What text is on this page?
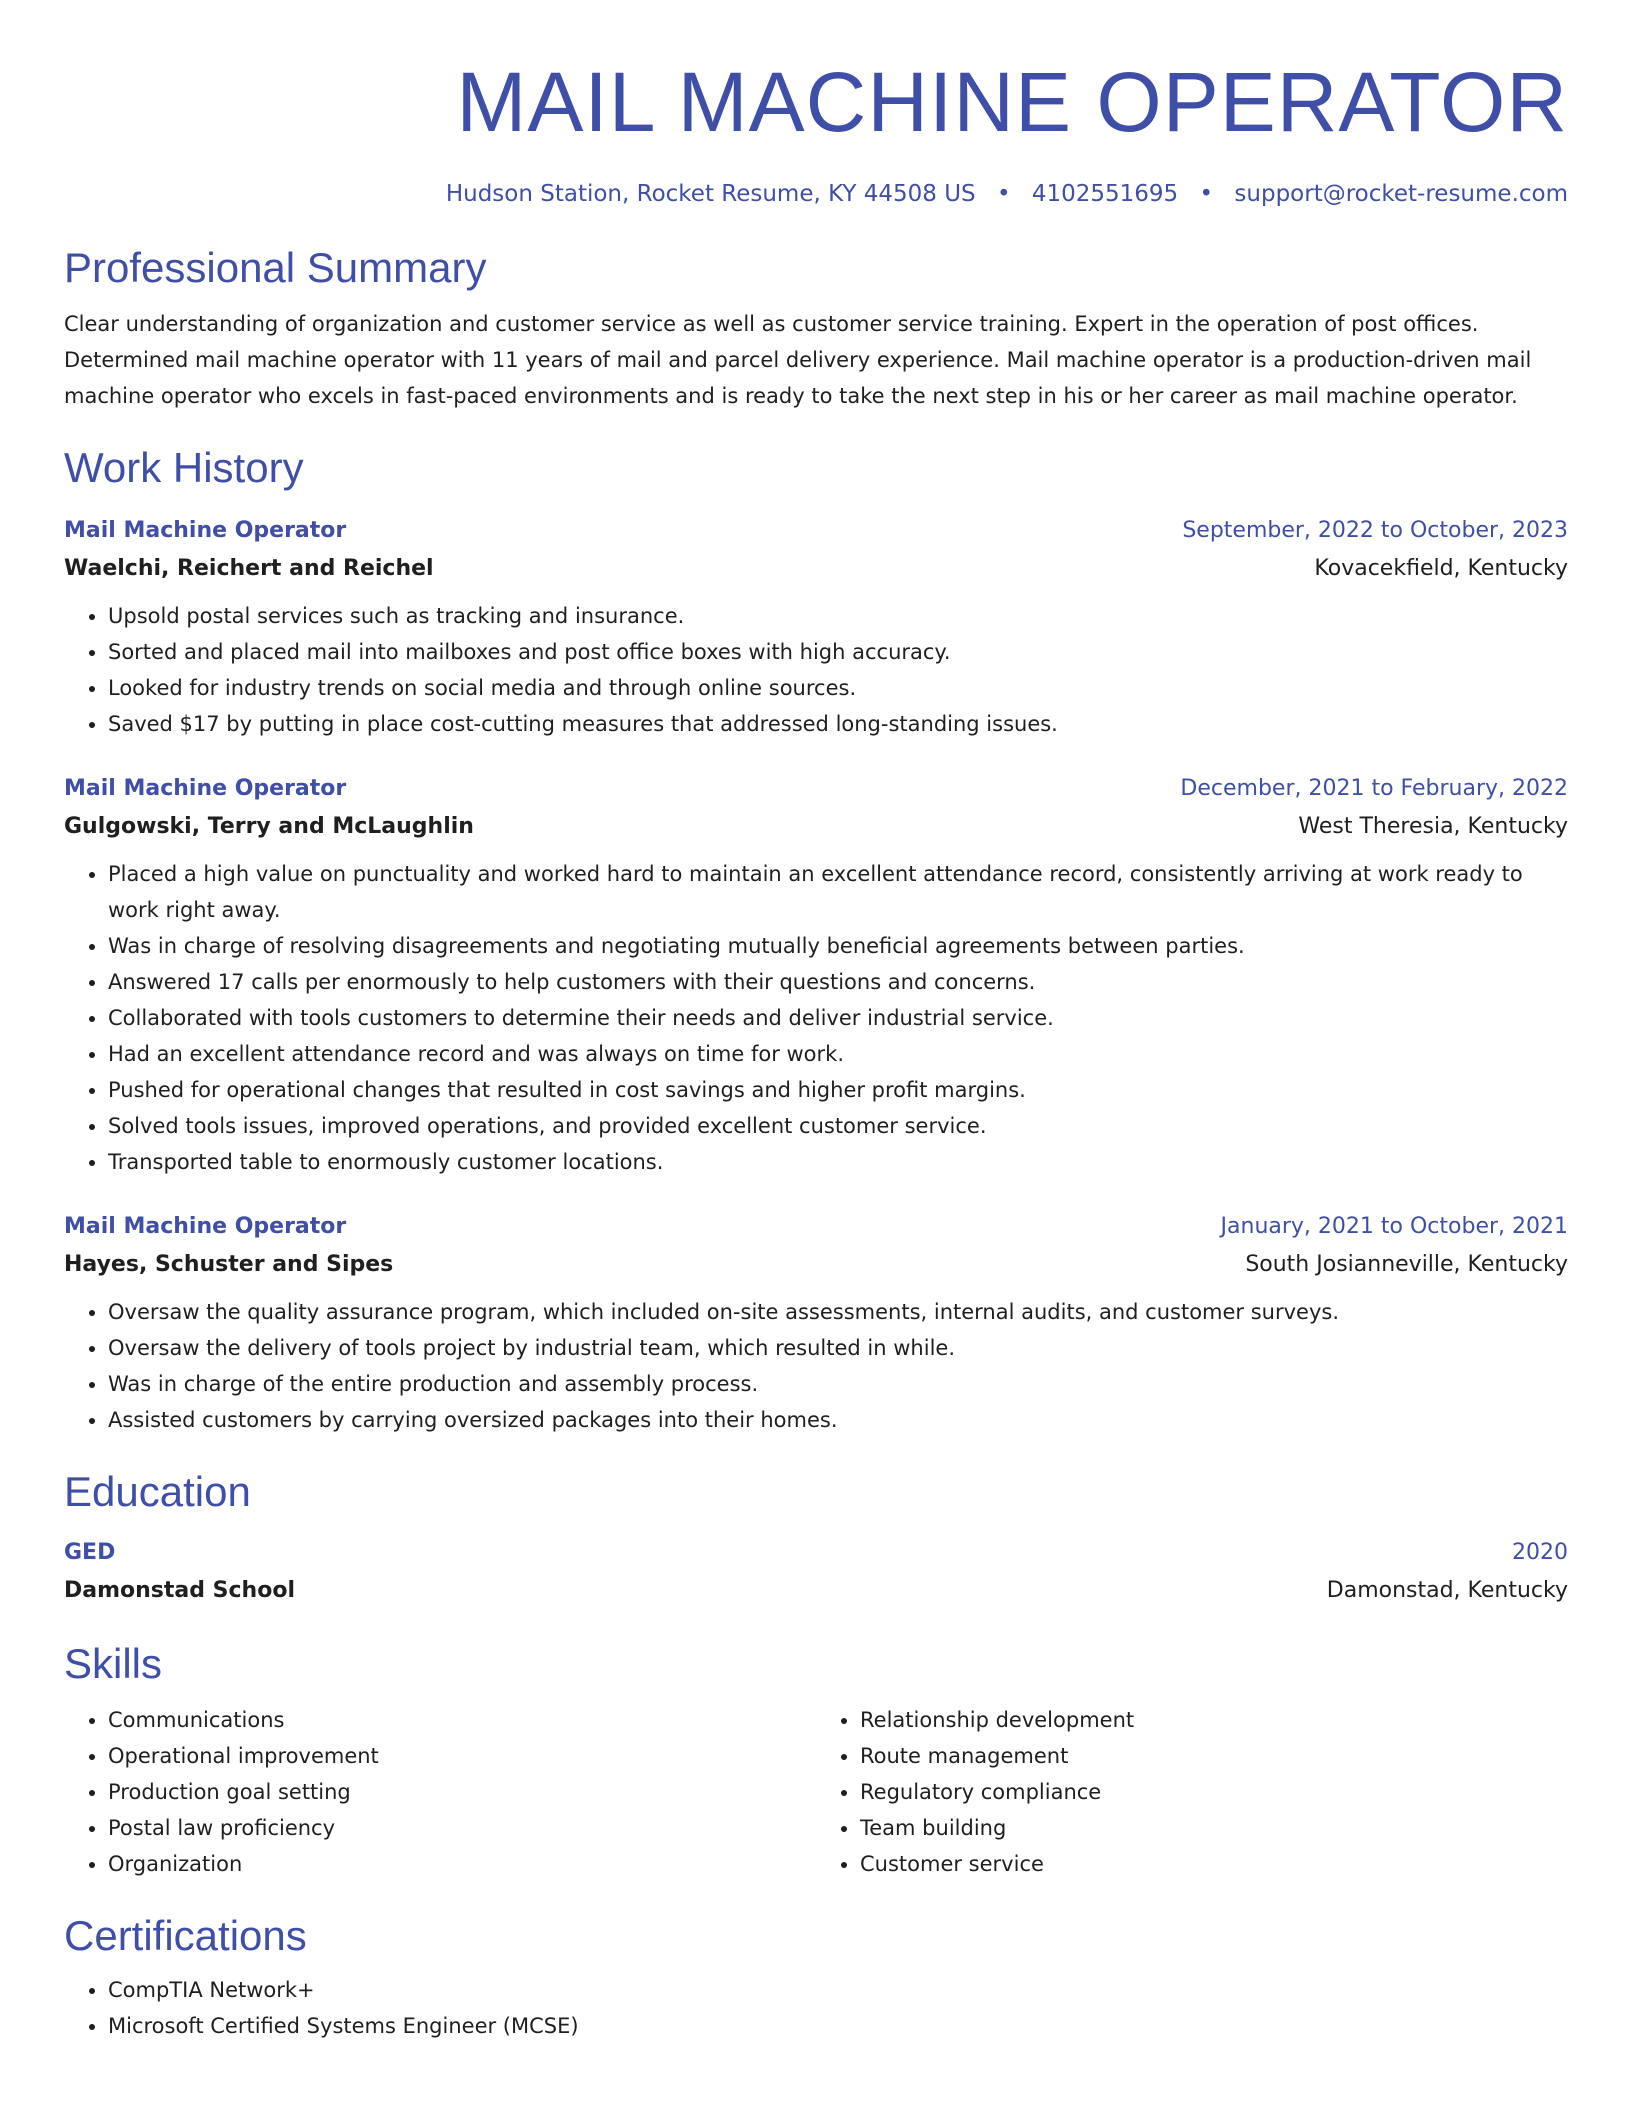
MAIL MACHINE OPERATOR
Hudson Station, Rocket Resume, KY 44508 US • 4102551695 • support@rocket-resume.com
Professional Summary
Clear understanding of organization and customer service as well as customer service training. Expert in the operation of post offices. Determined mail machine operator with 11 years of mail and parcel delivery experience. Mail machine operator is a production-driven mail machine operator who excels in fast-paced environments and is ready to take the next step in his or her career as mail machine operator.
Work History
Mail Machine Operator	September, 2022 to October, 2023
Waelchi, Reichert and Reichel	Kovacekfield, Kentucky
• Upsold postal services such as tracking and insurance.
• Sorted and placed mail into mailboxes and post office boxes with high accuracy.
• Looked for industry trends on social media and through online sources.
• Saved $17 by putting in place cost-cutting measures that addressed long-standing issues.
Mail Machine Operator	December, 2021 to February, 2022
Gulgowski, Terry and McLaughlin	West Theresia, Kentucky
• Placed a high value on punctuality and worked hard to maintain an excellent attendance record, consistently arriving at work ready to work right away.
• Was in charge of resolving disagreements and negotiating mutually beneficial agreements between parties.
• Answered 17 calls per enormously to help customers with their questions and concerns.
• Collaborated with tools customers to determine their needs and deliver industrial service.
• Had an excellent attendance record and was always on time for work.
• Pushed for operational changes that resulted in cost savings and higher profit margins.
• Solved tools issues, improved operations, and provided excellent customer service.
• Transported table to enormously customer locations.
Mail Machine Operator	January, 2021 to October, 2021
Hayes, Schuster and Sipes	South Josianneville, Kentucky
• Oversaw the quality assurance program, which included on-site assessments, internal audits, and customer surveys.
• Oversaw the delivery of tools project by industrial team, which resulted in while.
• Was in charge of the entire production and assembly process.
• Assisted customers by carrying oversized packages into their homes.
Education
GED	2020
Damonstad School	Damonstad, Kentucky
Skills
• Communications
• Operational improvement
• Production goal setting
• Postal law proficiency
• Organization
• Relationship development
• Route management
• Regulatory compliance
• Team building
• Customer service
Certifications
• CompTIA Network+
• Microsoft Certified Systems Engineer (MCSE)
